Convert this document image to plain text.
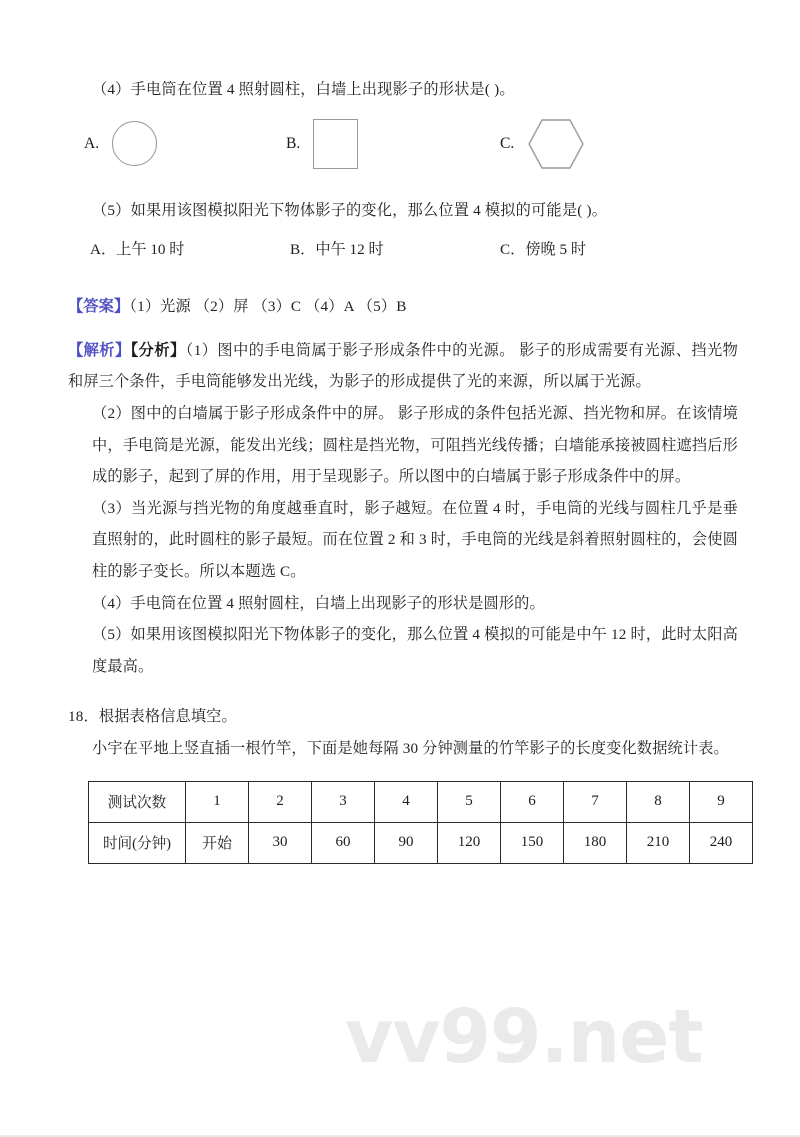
vv99.net

（4）手电筒在位置 4 照射圆柱，白墙上出现影子的形状是( )。

A.	B.	C.

（5）如果用该图模拟阳光下物体影子的变化，那么位置 4 模拟的可能是( )。

A．上午 10 时	B．中午 12 时	C．傍晚 5 时

【答案】（1）光源 （2）屏 （3）C （4）A （5）B

【解析】【分析】（1）图中的手电筒属于影子形成条件中的光源。 影子的形成需要有光源、挡光物和屏三个条件，手电筒能够发出光线，为影子的形成提供了光的来源，所以属于光源。

（2）图中的白墙属于影子形成条件中的屏。 影子形成的条件包括光源、挡光物和屏。在该情境中，手电筒是光源，能发出光线；圆柱是挡光物，可阻挡光线传播；白墙能承接被圆柱遮挡后形成的影子，起到了屏的作用，用于呈现影子。所以图中的白墙属于影子形成条件中的屏。

（3）当光源与挡光物的角度越垂直时，影子越短。在位置 4 时，手电筒的光线与圆柱几乎是垂直照射的，此时圆柱的影子最短。而在位置 2 和 3 时，手电筒的光线是斜着照射圆柱的，会使圆柱的影子变长。所以本题选 C。

（4）手电筒在位置 4 照射圆柱，白墙上出现影子的形状是圆形的。

（5）如果用该图模拟阳光下物体影子的变化，那么位置 4 模拟的可能是中午 12 时，此时太阳高度最高。

18．根据表格信息填空。

小宇在平地上竖直插一根竹竿，下面是她每隔 30 分钟测量的竹竿影子的长度变化数据统计表。

测试次数	1	2	3	4	5	6	7	8	9
时间(分钟)	开始	30	60	90	120	150	180	210	240
